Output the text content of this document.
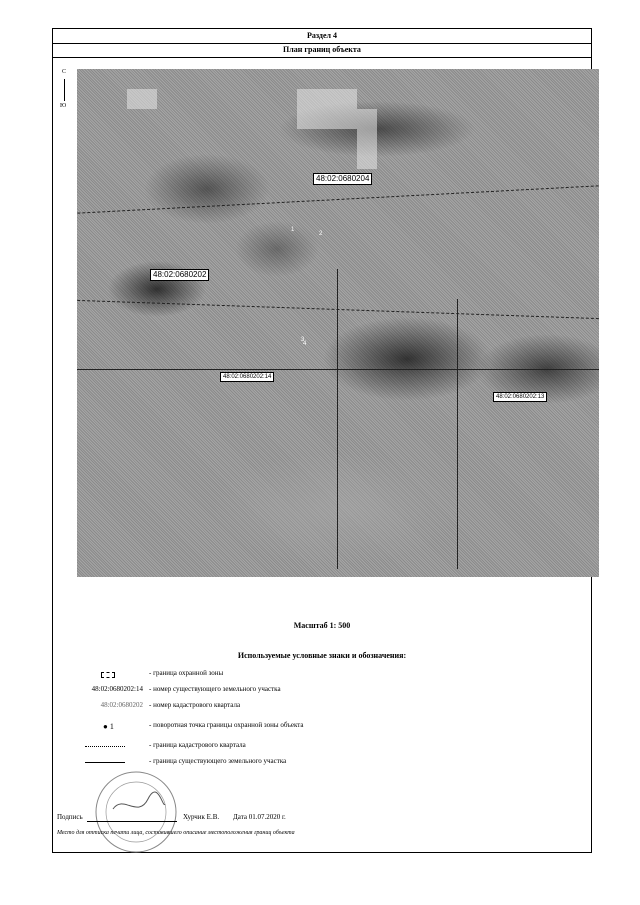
Раздел 4
План границ объекта
С
Ю
48:02:0680204
48:02:0680202
48:02:0680202:14
48:02:0680202:13
1
2
3
4
Масштаб 1: 500
Используемые условные знаки и обозначения:
- граница охранной зоны
48:02:0680202:14 - номер существующего земельного участка
48:02:0680202 - номер кадастрового квартала
● 1	- поворотная точка границы охранной зоны объекта
- граница кадастрового квартала
- граница существующего земельного участка
Подпись	Хурчик Е.В. Дата 01.07.2020 г.
Место для оттиска печати лица, составившего описание местоположения границ объекта
